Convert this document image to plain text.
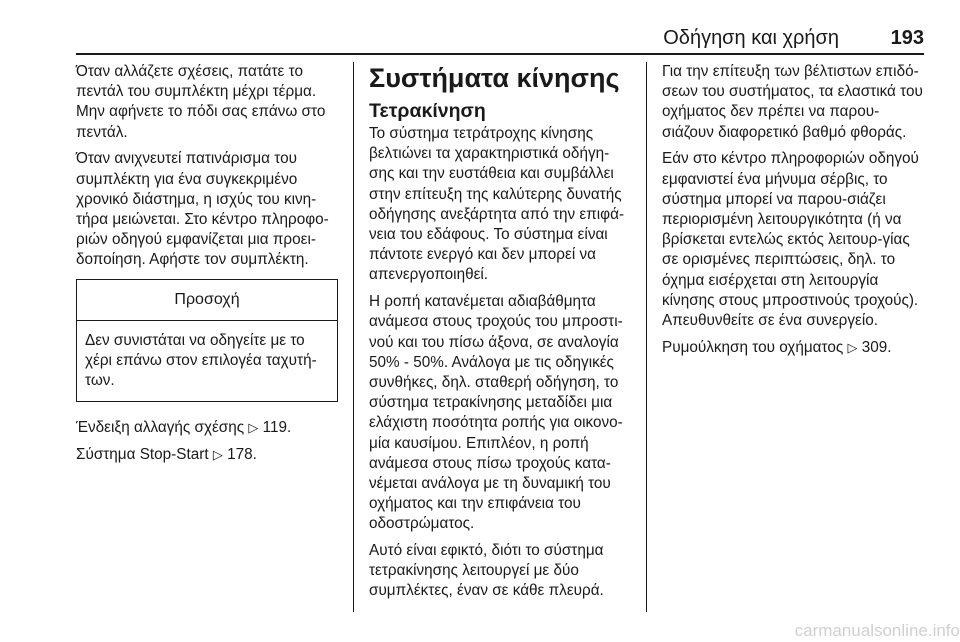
Οδήγηση και χρήση	193

Όταν αλλάζετε σχέσεις, πατάτε το πεντάλ του συμπλέκτη μέχρι τέρμα. Μην αφήνετε το πόδι σας επάνω στο πεντάλ.

Όταν ανιχνευτεί πατινάρισμα του συμπλέκτη για ένα συγκεκριμένο χρονικό διάστημα, η ισχύς του κινη-τήρα μειώνεται. Στο κέντρο πληροφο-ριών οδηγού εμφανίζεται μια προει-δοποίηση. Αφήστε τον συμπλέκτη.

Προσοχή
Δεν συνιστάται να οδηγείτε με το χέρι επάνω στον επιλογέα ταχυτή-των.

Ένδειξη αλλαγής σχέσης ▷ 119.

Σύστημα Stop-Start ▷ 178.

Συστήματα κίνησης
Τετρακίνηση

Το σύστημα τετράτροχης κίνησης βελτιώνει τα χαρακτηριστικά οδήγη-σης και την ευστάθεια και συμβάλλει στην επίτευξη της καλύτερης δυνατής οδήγησης ανεξάρτητα από την επιφά-νεια του εδάφους. Το σύστημα είναι πάντοτε ενεργό και δεν μπορεί να απενεργοποιηθεί.

Η ροπή κατανέμεται αδιαβάθμητα ανάμεσα στους τροχούς του μπροστι-νού και του πίσω άξονα, σε αναλογία 50% - 50%. Ανάλογα με τις οδηγικές συνθήκες, δηλ. σταθερή οδήγηση, το σύστημα τετρακίνησης μεταδίδει μια ελάχιστη ποσότητα ροπής για οικονο-μία καυσίμου. Επιπλέον, η ροπή ανάμεσα στους πίσω τροχούς κατα-νέμεται ανάλογα με τη δυναμική του οχήματος και την επιφάνεια του οδοστρώματος.

Αυτό είναι εφικτό, διότι το σύστημα τετρακίνησης λειτουργεί με δύο συμπλέκτες, έναν σε κάθε πλευρά.

Για την επίτευξη των βέλτιστων επιδό-σεων του συστήματος, τα ελαστικά του οχήματος δεν πρέπει να παρου-σιάζουν διαφορετικό βαθμό φθοράς.

Εάν στο κέντρο πληροφοριών οδηγού εμφανιστεί ένα μήνυμα σέρβις, το σύστημα μπορεί να παρου-σιάζει περιορισμένη λειτουργικότητα (ή να βρίσκεται εντελώς εκτός λειτουρ-γίας σε ορισμένες περιπτώσεις, δηλ. το όχημα εισέρχεται στη λειτουργία κίνησης στους μπροστινούς τροχούς). Απευθυνθείτε σε ένα συνεργείο.

Ρυμούλκηση του οχήματος ▷ 309.

carmanualsonline.info
